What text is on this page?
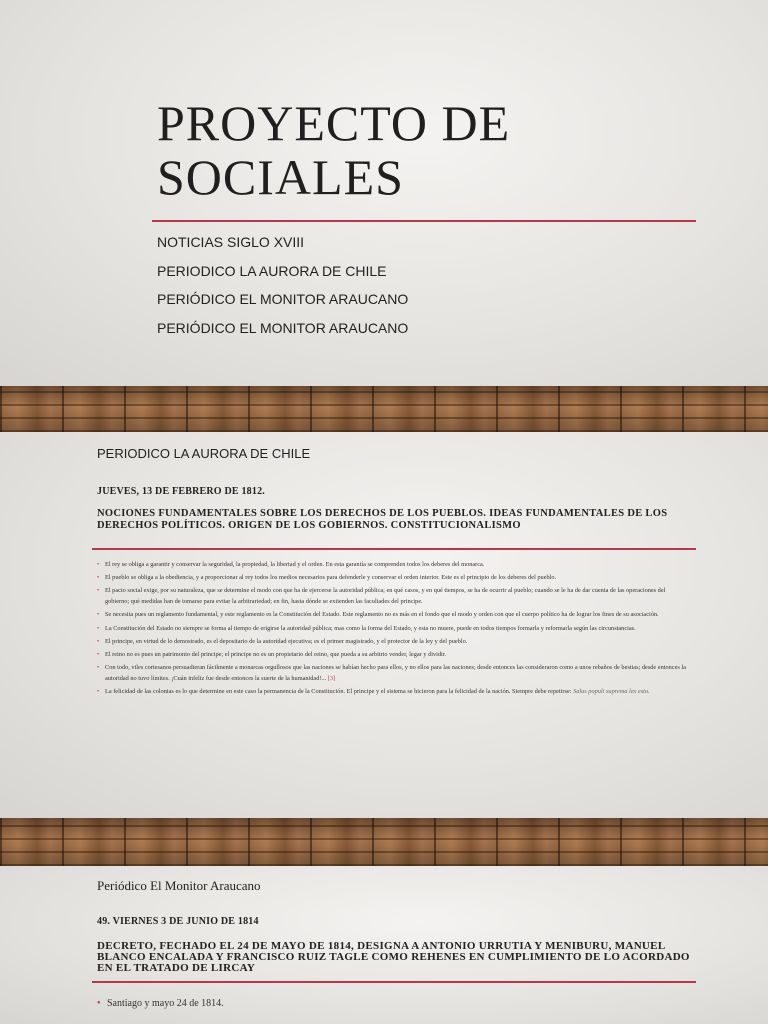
PROYECTO DE
SOCIALES
NOTICIAS SIGLO XVIII
PERIODICO LA AURORA DE CHILE
PERIÓDICO EL MONITOR ARAUCANO
PERIÓDICO EL MONITOR ARAUCANO
PERIODICO LA AURORA DE CHILE
JUEVES, 13 DE FEBRERO DE 1812.
NOCIONES FUNDAMENTALES SOBRE LOS DERECHOS DE LOS PUEBLOS. IDEAS FUNDAMENTALES DE LOS DERECHOS POLÍTICOS. ORIGEN DE LOS GOBIERNOS. CONSTITUCIONALISMO
• El rey se obliga a garantir y conservar la seguridad, la propiedad, la libertad y el orden. En esta garantía se comprenden todos los deberes del monarca.
• El pueblo se obliga a la obediencia, y a proporcionar al rey todos los medios necesarios para defenderle y conservar el orden interior. Este es el principio de los deberes del pueblo.
• El pacto social exige, por su naturaleza, que se determine el modo con que ha de ejercerse la autoridad pública; en qué casos, y en qué tiempos, se ha de ocurrir al pueblo; cuando se le ha de dar cuenta de las operaciones del gobierno; qué medidas han de tomarse para evitar la arbitrariedad; en fin, hasta dónde se extienden las facultades del principe.
• Se necesita pues un reglamento fundamental, y este reglamento es la Constitución del Estado. Este reglamento no es más en el fondo que el modo y orden con que el cuerpo político ha de lograr los fines de su asociación.
• La Constitución del Estado no siempre se forma al tiempo de erigirse la autoridad pública; mas como la forma del Estado, y esta no muere, puede en todos tiempos formarla y reformarla según las circunstancias.
• El principe, en virtud de lo demostrado, es el depositario de la autoridad ejecutiva; es el primer magistrado, y el protector de la ley y del pueblo.
• El reino no es pues un patrimonio del principe; el principe no es un propietario del reino, que pueda a su arbitrio vender, legar y dividir.
• Con todo, viles cortesanos persuadieran fácilmente a monarcas orgullosos que las naciones se habían hecho para ellos, y no ellos para las naciones; desde entonces las consideraron como a unos rebaños de bestias; desde entonces la autoridad no tuvo límites. ¡Cuán infeliz fue desde entonces la suerte de la humanidad!... [3]
• La felicidad de las colonias es lo que determine en este caso la permanencia de la Constitución. El principe y el sistema se hicieron para la felicidad de la nación. Siempre debe repetirse: Salus populi suprema lex esto.
Periódico El Monitor Araucano
49. VIERNES 3 DE JUNIO DE 1814
DECRETO, FECHADO EL 24 DE MAYO DE 1814, DESIGNA A ANTONIO URRUTIA Y MENIBURU, MANUEL BLANCO ENCALADA Y FRANCISCO RUIZ TAGLE COMO REHENES EN CUMPLIMIENTO DE LO ACORDADO EN EL TRATADO DE LIRCAY
• Santiago y mayo 24 de 1814.
